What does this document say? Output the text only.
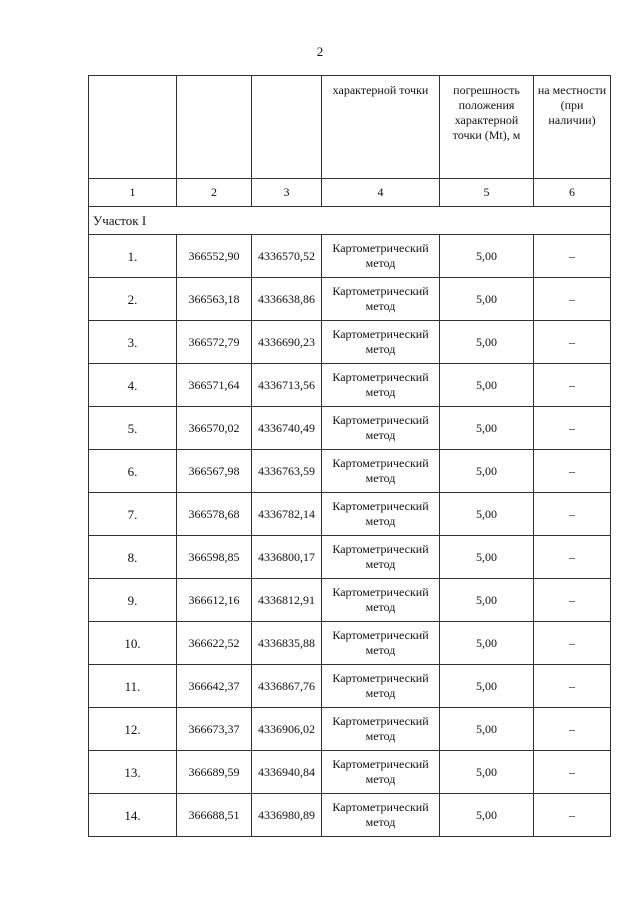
2
			характерной точки	погрешность положения характерной точки (Mt), м	на местности (при наличии)
1	2	3	4	5	6
Участок I					
1.	366552,90	4336570,52	Картометрический метод	5,00	–
2.	366563,18	4336638,86	Картометрический метод	5,00	–
3.	366572,79	4336690,23	Картометрический метод	5,00	–
4.	366571,64	4336713,56	Картометрический метод	5,00	–
5.	366570,02	4336740,49	Картометрический метод	5,00	–
6.	366567,98	4336763,59	Картометрический метод	5,00	–
7.	366578,68	4336782,14	Картометрический метод	5,00	–
8.	366598,85	4336800,17	Картометрический метод	5,00	–
9.	366612,16	4336812,91	Картометрический метод	5,00	–
10.	366622,52	4336835,88	Картометрический метод	5,00	–
11.	366642,37	4336867,76	Картометрический метод	5,00	–
12.	366673,37	4336906,02	Картометрический метод	5,00	–
13.	366689,59	4336940,84	Картометрический метод	5,00	–
14.	366688,51	4336980,89	Картометрический метод	5,00	–
